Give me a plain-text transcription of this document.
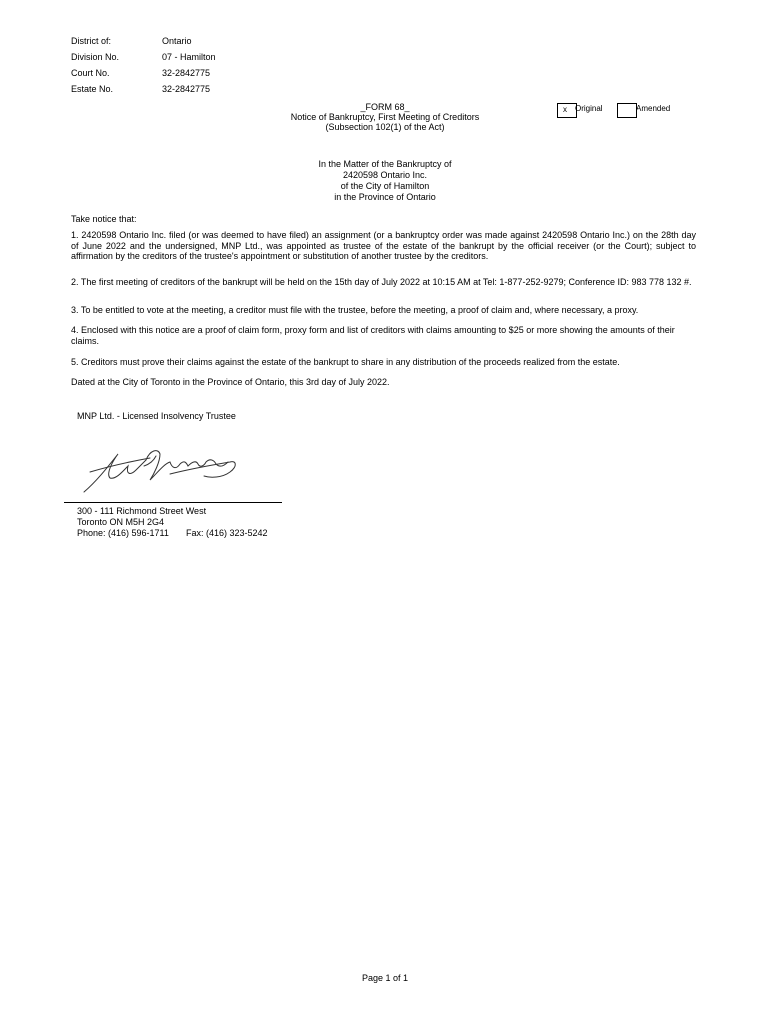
District of:	Ontario
Division No.	07 - Hamilton
Court No.	32-2842775
Estate No.	32-2842775
_FORM 68_
Notice of Bankruptcy, First Meeting of Creditors
(Subsection 102(1) of the Act)
x Original	Amended
In the Matter of the Bankruptcy of
2420598 Ontario Inc.
of the City of Hamilton
in the Province of Ontario
Take notice that:
1. 2420598 Ontario Inc. filed (or was deemed to have filed) an assignment (or a bankruptcy order was made against 2420598 Ontario Inc.) on the 28th day of June 2022 and the undersigned, MNP Ltd., was appointed as trustee of the estate of the bankrupt by the official receiver (or the Court); subject to affirmation by the creditors of the trustee's appointment or substitution of another trustee by the creditors.
2. The first meeting of creditors of the bankrupt will be held on the 15th day of July 2022 at 10:15 AM at Tel: 1-877-252-9279; Conference ID: 983 778 132 #.
3. To be entitled to vote at the meeting, a creditor must file with the trustee, before the meeting, a proof of claim and, where necessary, a proxy.
4. Enclosed with this notice are a proof of claim form, proxy form and list of creditors with claims amounting to $25 or more showing the amounts of their claims.
5. Creditors must prove their claims against the estate of the bankrupt to share in any distribution of the proceeds realized from the estate.
Dated at the City of Toronto in the Province of Ontario, this 3rd day of July 2022.
MNP Ltd. - Licensed Insolvency Trustee
300 - 111 Richmond Street West
Toronto ON M5H 2G4
Phone: (416) 596-1711 Fax: (416) 323-5242
Page 1 of 1
